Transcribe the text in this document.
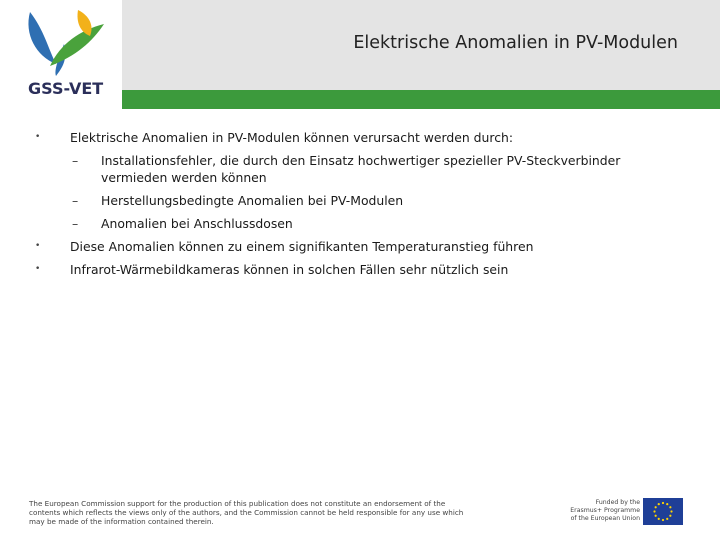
GSS-VET
Elektrische Anomalien in PV-Modulen
• Elektrische Anomalien in PV-Modulen können verursacht werden durch:
– Installationsfehler, die durch den Einsatz hochwertiger spezieller PV-Steckverbinder
vermieden werden können
– Herstellungsbedingte Anomalien bei PV-Modulen
– Anomalien bei Anschlussdosen
• Diese Anomalien können zu einem signifikanten Temperaturanstieg führen
• Infrarot-Wärmebildkameras können in solchen Fällen sehr nützlich sein
The European Commission support for the production of this publication does not constitute an endorsement of the
contents which reflects the views only of the authors, and the Commission cannot be held responsible for any use which
may be made of the information contained therein.
Funded by the
Erasmus+ Programme
of the European Union
